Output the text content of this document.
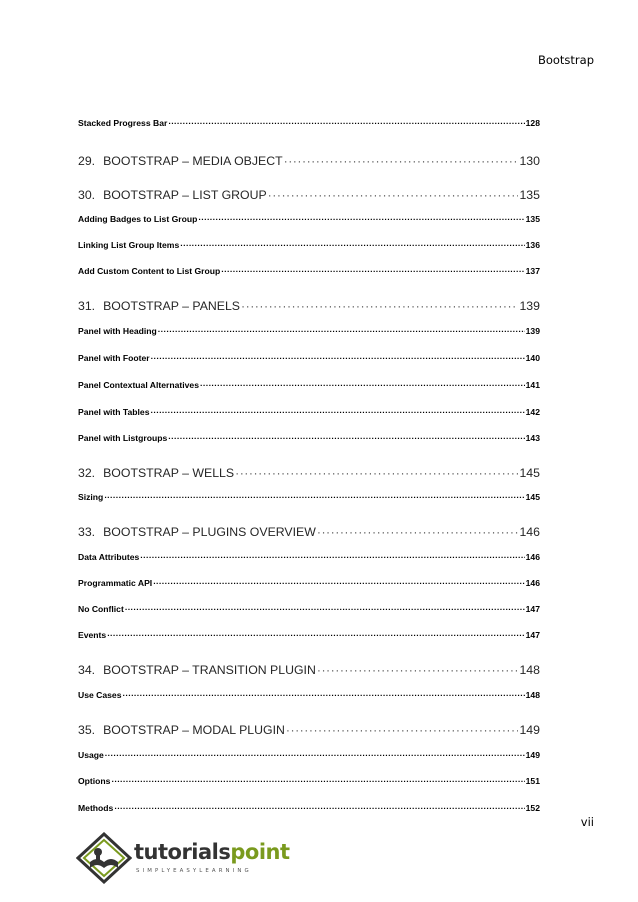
Bootstrap
Stacked Progress Bar ·····	128
29. BOOTSTRAP – MEDIA OBJECT ·····	130
30. BOOTSTRAP – LIST GROUP ·····	135
Adding Badges to List Group ·····	135
Linking List Group Items ·····	136
Add Custom Content to List Group ·····	137
31. BOOTSTRAP – PANELS ·····	139
Panel with Heading ·····	139
Panel with Footer ·····	140
Panel Contextual Alternatives ·····	141
Panel with Tables ·····	142
Panel with Listgroups ·····	143
32. BOOTSTRAP – WELLS ·····	145
Sizing ·····	145
33. BOOTSTRAP – PLUGINS OVERVIEW ·····	146
Data Attributes ·····	146
Programmatic API ·····	146
No Conflict ·····	147
Events ·····	147
34. BOOTSTRAP – TRANSITION PLUGIN ·····	148
Use Cases ·····	148
35. BOOTSTRAP – MODAL PLUGIN ·····	149
Usage ·····	149
Options ·····	151
Methods ·····	152
vii
tutorialspoint
SIMPLYEASYLEARNING
